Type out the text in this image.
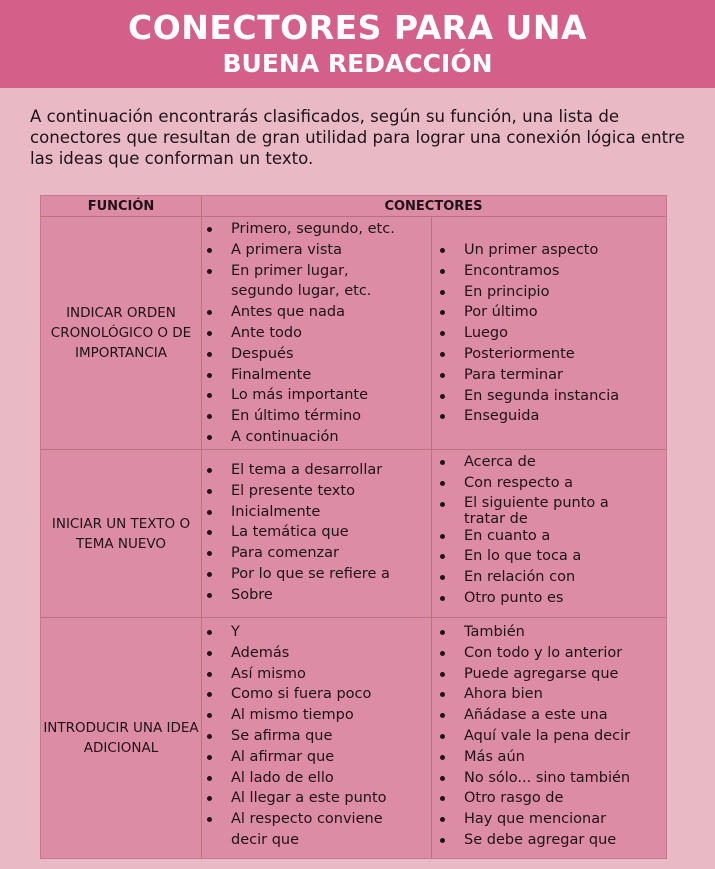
CONECTORES PARA UNA
BUENA REDACCIÓN
A continuación encontrarás clasificados, según su función, una lista de conectores que resultan de gran utilidad para lograr una conexión lógica entre las ideas que conforman un texto.
FUNCIÓN	CONECTORES
INDICAR ORDEN CRONOLÓGICO O DE IMPORTANCIA
Primero, segundo, etc.
A primera vista
En primer lugar,
segundo lugar, etc.
Antes que nada
Ante todo
Después
Finalmente
Lo más importante
En último término
A continuación
Un primer aspecto
Encontramos
En principio
Por último
Luego
Posteriormente
Para terminar
En segunda instancia
Enseguida
INICIAR UN TEXTO O TEMA NUEVO
El tema a desarrollar
El presente texto
Inicialmente
La temática que
Para comenzar
Por lo que se refiere a
Sobre
Acerca de
Con respecto a
El siguiente punto a
tratar de
En cuanto a
En lo que toca a
En relación con
Otro punto es
INTRODUCIR UNA IDEA ADICIONAL
Y
Además
Así mismo
Como si fuera poco
Al mismo tiempo
Se afirma que
Al afirmar que
Al lado de ello
Al llegar a este punto
Al respecto conviene
decir que
También
Con todo y lo anterior
Puede agregarse que
Ahora bien
Añádase a este una
Aquí vale la pena decir
Más aún
No sólo... sino también
Otro rasgo de
Hay que mencionar
Se debe agregar que
